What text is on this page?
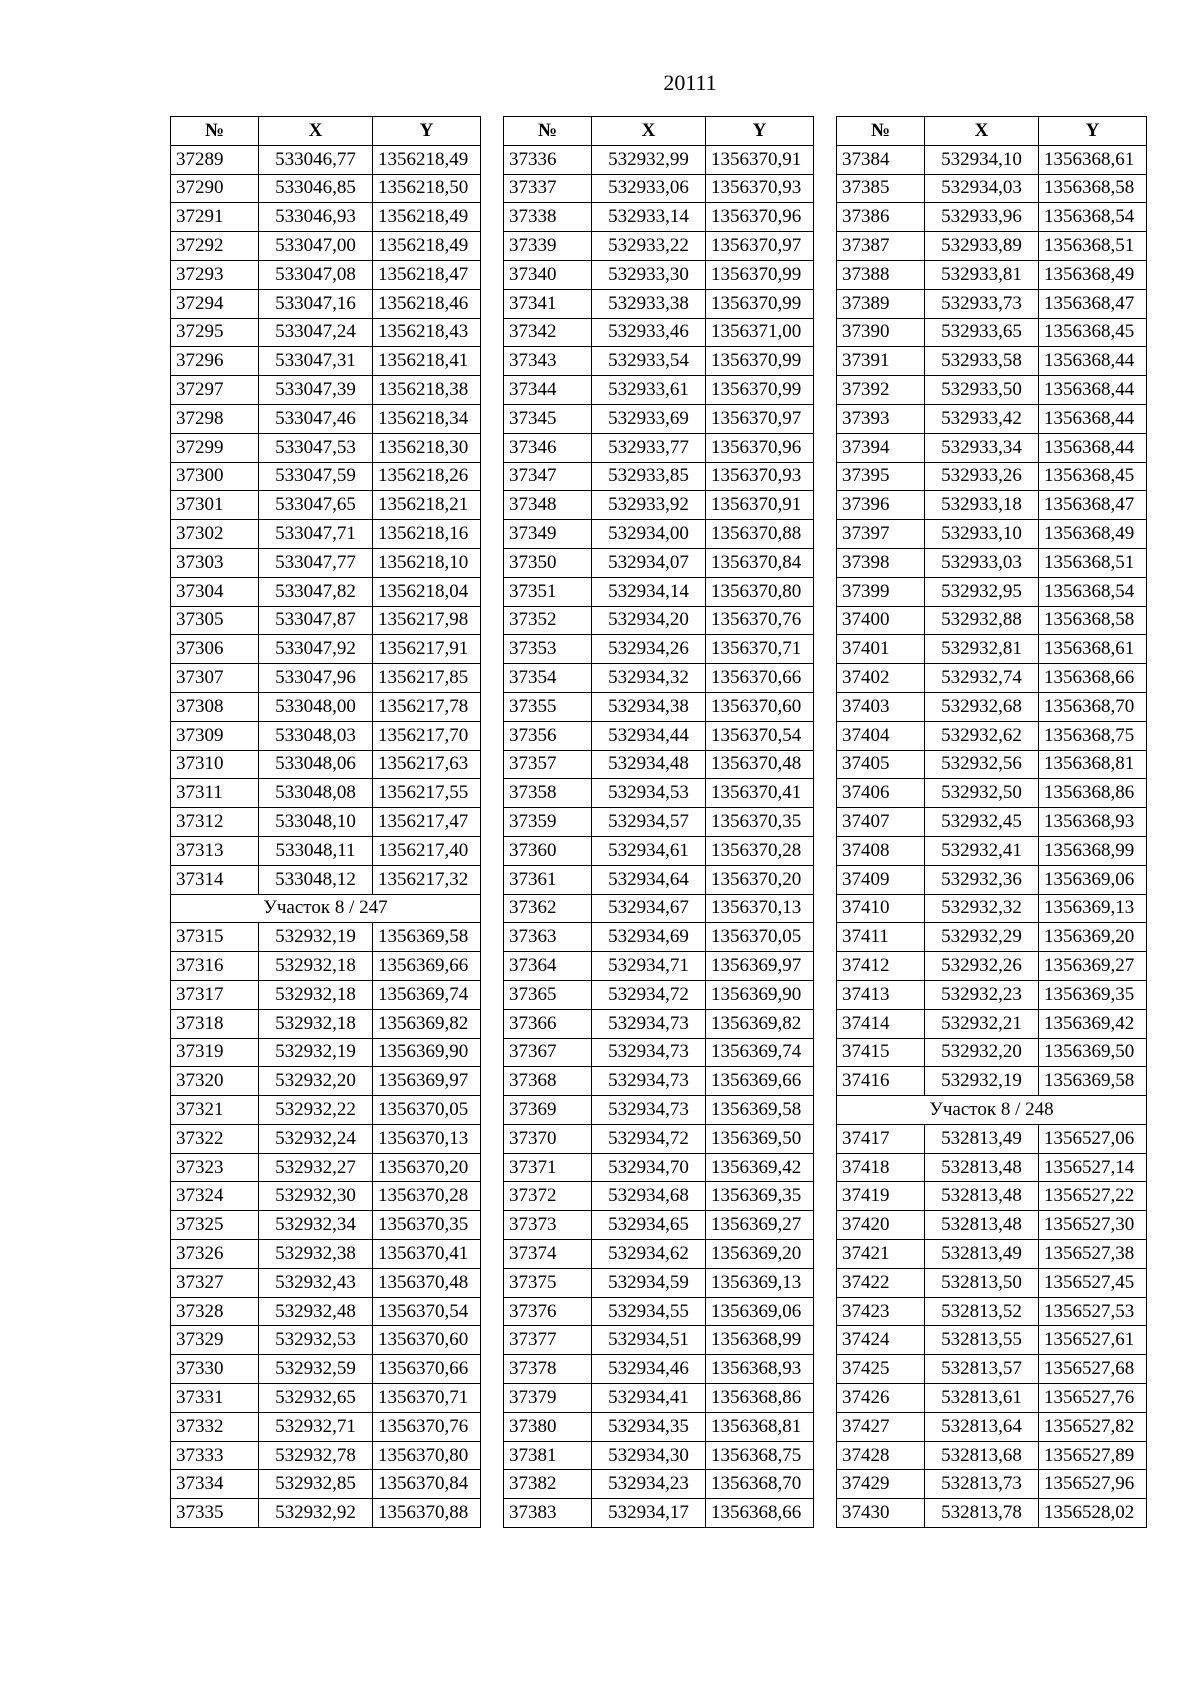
20111
№	X	Y
37289	533046,77	1356218,49
37290	533046,85	1356218,50
37291	533046,93	1356218,49
37292	533047,00	1356218,49
37293	533047,08	1356218,47
37294	533047,16	1356218,46
37295	533047,24	1356218,43
37296	533047,31	1356218,41
37297	533047,39	1356218,38
37298	533047,46	1356218,34
37299	533047,53	1356218,30
37300	533047,59	1356218,26
37301	533047,65	1356218,21
37302	533047,71	1356218,16
37303	533047,77	1356218,10
37304	533047,82	1356218,04
37305	533047,87	1356217,98
37306	533047,92	1356217,91
37307	533047,96	1356217,85
37308	533048,00	1356217,78
37309	533048,03	1356217,70
37310	533048,06	1356217,63
37311	533048,08	1356217,55
37312	533048,10	1356217,47
37313	533048,11	1356217,40
37314	533048,12	1356217,32
Участок 8 / 247		
37315	532932,19	1356369,58
37316	532932,18	1356369,66
37317	532932,18	1356369,74
37318	532932,18	1356369,82
37319	532932,19	1356369,90
37320	532932,20	1356369,97
37321	532932,22	1356370,05
37322	532932,24	1356370,13
37323	532932,27	1356370,20
37324	532932,30	1356370,28
37325	532932,34	1356370,35
37326	532932,38	1356370,41
37327	532932,43	1356370,48
37328	532932,48	1356370,54
37329	532932,53	1356370,60
37330	532932,59	1356370,66
37331	532932,65	1356370,71
37332	532932,71	1356370,76
37333	532932,78	1356370,80
37334	532932,85	1356370,84
37335	532932,92	1356370,88
№	X	Y
37336	532932,99	1356370,91
37337	532933,06	1356370,93
37338	532933,14	1356370,96
37339	532933,22	1356370,97
37340	532933,30	1356370,99
37341	532933,38	1356370,99
37342	532933,46	1356371,00
37343	532933,54	1356370,99
37344	532933,61	1356370,99
37345	532933,69	1356370,97
37346	532933,77	1356370,96
37347	532933,85	1356370,93
37348	532933,92	1356370,91
37349	532934,00	1356370,88
37350	532934,07	1356370,84
37351	532934,14	1356370,80
37352	532934,20	1356370,76
37353	532934,26	1356370,71
37354	532934,32	1356370,66
37355	532934,38	1356370,60
37356	532934,44	1356370,54
37357	532934,48	1356370,48
37358	532934,53	1356370,41
37359	532934,57	1356370,35
37360	532934,61	1356370,28
37361	532934,64	1356370,20
37362	532934,67	1356370,13
37363	532934,69	1356370,05
37364	532934,71	1356369,97
37365	532934,72	1356369,90
37366	532934,73	1356369,82
37367	532934,73	1356369,74
37368	532934,73	1356369,66
37369	532934,73	1356369,58
37370	532934,72	1356369,50
37371	532934,70	1356369,42
37372	532934,68	1356369,35
37373	532934,65	1356369,27
37374	532934,62	1356369,20
37375	532934,59	1356369,13
37376	532934,55	1356369,06
37377	532934,51	1356368,99
37378	532934,46	1356368,93
37379	532934,41	1356368,86
37380	532934,35	1356368,81
37381	532934,30	1356368,75
37382	532934,23	1356368,70
37383	532934,17	1356368,66
№	X	Y
37384	532934,10	1356368,61
37385	532934,03	1356368,58
37386	532933,96	1356368,54
37387	532933,89	1356368,51
37388	532933,81	1356368,49
37389	532933,73	1356368,47
37390	532933,65	1356368,45
37391	532933,58	1356368,44
37392	532933,50	1356368,44
37393	532933,42	1356368,44
37394	532933,34	1356368,44
37395	532933,26	1356368,45
37396	532933,18	1356368,47
37397	532933,10	1356368,49
37398	532933,03	1356368,51
37399	532932,95	1356368,54
37400	532932,88	1356368,58
37401	532932,81	1356368,61
37402	532932,74	1356368,66
37403	532932,68	1356368,70
37404	532932,62	1356368,75
37405	532932,56	1356368,81
37406	532932,50	1356368,86
37407	532932,45	1356368,93
37408	532932,41	1356368,99
37409	532932,36	1356369,06
37410	532932,32	1356369,13
37411	532932,29	1356369,20
37412	532932,26	1356369,27
37413	532932,23	1356369,35
37414	532932,21	1356369,42
37415	532932,20	1356369,50
37416	532932,19	1356369,58
Участок 8 / 248		
37417	532813,49	1356527,06
37418	532813,48	1356527,14
37419	532813,48	1356527,22
37420	532813,48	1356527,30
37421	532813,49	1356527,38
37422	532813,50	1356527,45
37423	532813,52	1356527,53
37424	532813,55	1356527,61
37425	532813,57	1356527,68
37426	532813,61	1356527,76
37427	532813,64	1356527,82
37428	532813,68	1356527,89
37429	532813,73	1356527,96
37430	532813,78	1356528,02
